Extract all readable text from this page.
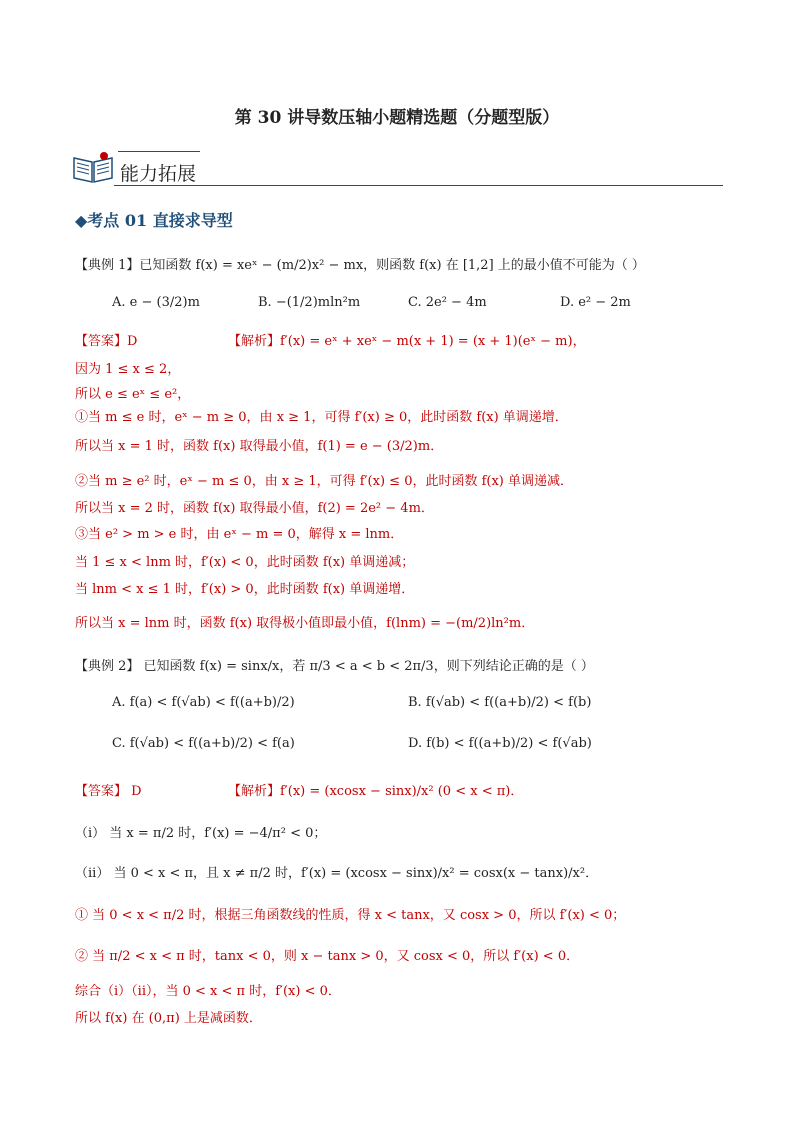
第 30 讲导数压轴小题精选题（分题型版）
能力拓展
◆考点 01 直接求导型
【典例 1】已知函数 f(x) = xeˣ − (m/2)x² − mx，则函数 f(x) 在 [1,2] 上的最小值不可能为（ ）
A. e − (3/2)m	B. −(1/2)mln²m	C. 2e² − 4m	D. e² − 2m
【答案】D	【解析】f′(x) = eˣ + xeˣ − m(x + 1) = (x + 1)(eˣ − m)，
因为 1 ≤ x ≤ 2，
所以 e ≤ eˣ ≤ e²，
①当 m ≤ e 时，eˣ − m ≥ 0，由 x ≥ 1，可得 f′(x) ≥ 0，此时函数 f(x) 单调递增．
所以当 x = 1 时，函数 f(x) 取得最小值，f(1) = e − (3/2)m．
②当 m ≥ e² 时，eˣ − m ≤ 0，由 x ≥ 1，可得 f′(x) ≤ 0，此时函数 f(x) 单调递减．
所以当 x = 2 时，函数 f(x) 取得最小值，f(2) = 2e² − 4m．
③当 e² > m > e 时，由 eˣ − m = 0，解得 x = lnm．
当 1 ≤ x < lnm 时，f′(x) < 0，此时函数 f(x) 单调递减；
当 lnm < x ≤ 1 时，f′(x) > 0，此时函数 f(x) 单调递增．
所以当 x = lnm 时，函数 f(x) 取得极小值即最小值，f(lnm) = −(m/2)ln²m．
【典例 2】 已知函数 f(x) = sinx/x，若 π/3 < a < b < 2π/3，则下列结论正确的是（ ）
A. f(a) < f(√ab) < f((a+b)/2)	B. f(√ab) < f((a+b)/2) < f(b)
C. f(√ab) < f((a+b)/2) < f(a)	D. f(b) < f((a+b)/2) < f(√ab)
【答案】 D	【解析】f′(x) = (xcosx − sinx)/x² (0 < x < π)．
（i） 当 x = π/2 时，f′(x) = −4/π² < 0；
（ii） 当 0 < x < π，且 x ≠ π/2 时，f′(x) = (xcosx − sinx)/x² = cosx(x − tanx)/x²．
① 当 0 < x < π/2 时，根据三角函数线的性质，得 x < tanx，又 cosx > 0，所以 f′(x) < 0；
② 当 π/2 < x < π 时，tanx < 0，则 x − tanx > 0，又 cosx < 0，所以 f′(x) < 0．
综合（i）（ii），当 0 < x < π 时，f′(x) < 0．
所以 f(x) 在 (0,π) 上是减函数．
